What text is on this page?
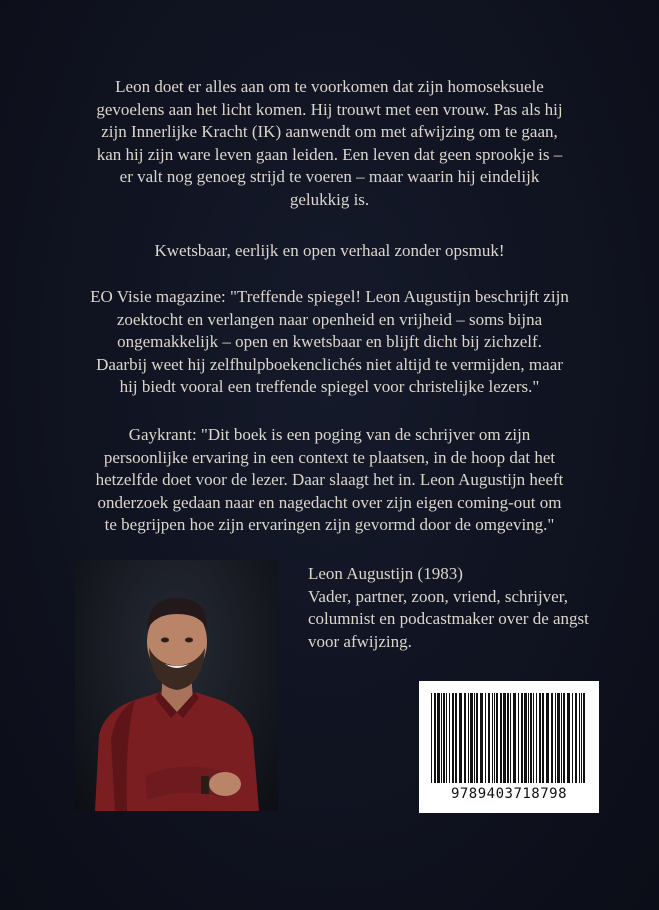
Leon doet er alles aan om te voorkomen dat zijn homoseksuele
gevoelens aan het licht komen. Hij trouwt met een vrouw. Pas als hij
zijn Innerlijke Kracht (IK) aanwendt om met afwijzing om te gaan,
kan hij zijn ware leven gaan leiden. Een leven dat geen sprookje is –
er valt nog genoeg strijd te voeren – maar waarin hij eindelijk
gelukkig is.

Kwetsbaar, eerlijk en open verhaal zonder opsmuk!

EO Visie magazine: "Treffende spiegel! Leon Augustijn beschrijft zijn
zoektocht en verlangen naar openheid en vrijheid – soms bijna
ongemakkelijk – open en kwetsbaar en blijft dicht bij zichzelf.
Daarbij weet hij zelfhulpboekenclichés niet altijd te vermijden, maar
hij biedt vooral een treffende spiegel voor christelijke lezers."

Gaykrant: "Dit boek is een poging van de schrijver om zijn
persoonlijke ervaring in een context te plaatsen, in de hoop dat het
hetzelfde doet voor de lezer. Daar slaagt het in. Leon Augustijn heeft
onderzoek gedaan naar en nagedacht over zijn eigen coming-out om
te begrijpen hoe zijn ervaringen zijn gevormd door de omgeving."

Leon Augustijn (1983)
Vader, partner, zoon, vriend, schrijver,
columnist en podcastmaker over de angst
voor afwijzing.
9789403718798
